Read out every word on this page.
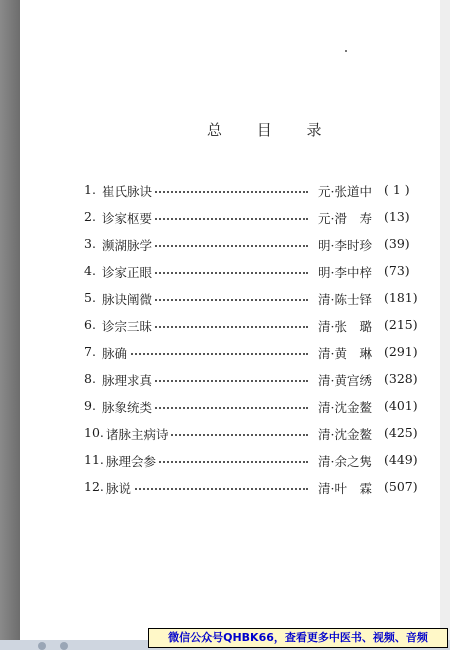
总 目 录
1. 崔氏脉诀	元·张道中 ( 1 )
2. 诊家枢要	元·滑　寿 (13)
3. 濒湖脉学	明·李时珍 (39)
4. 诊家正眼	明·李中梓 (73)
5. 脉诀阐微	清·陈士铎 (181)
6. 诊宗三昧	清·张　璐 (215)
7. 脉确	清·黄　琳 (291)
8. 脉理求真	清·黄宫绣 (328)
9. 脉象统类	清·沈金鳌 (401)
10. 诸脉主病诗	清·沈金鳌 (425)
11. 脉理会参	清·余之隽 (449)
12. 脉说	清·叶　霖 (507)
微信公众号QHBK66，查看更多中医书、视频、音频
